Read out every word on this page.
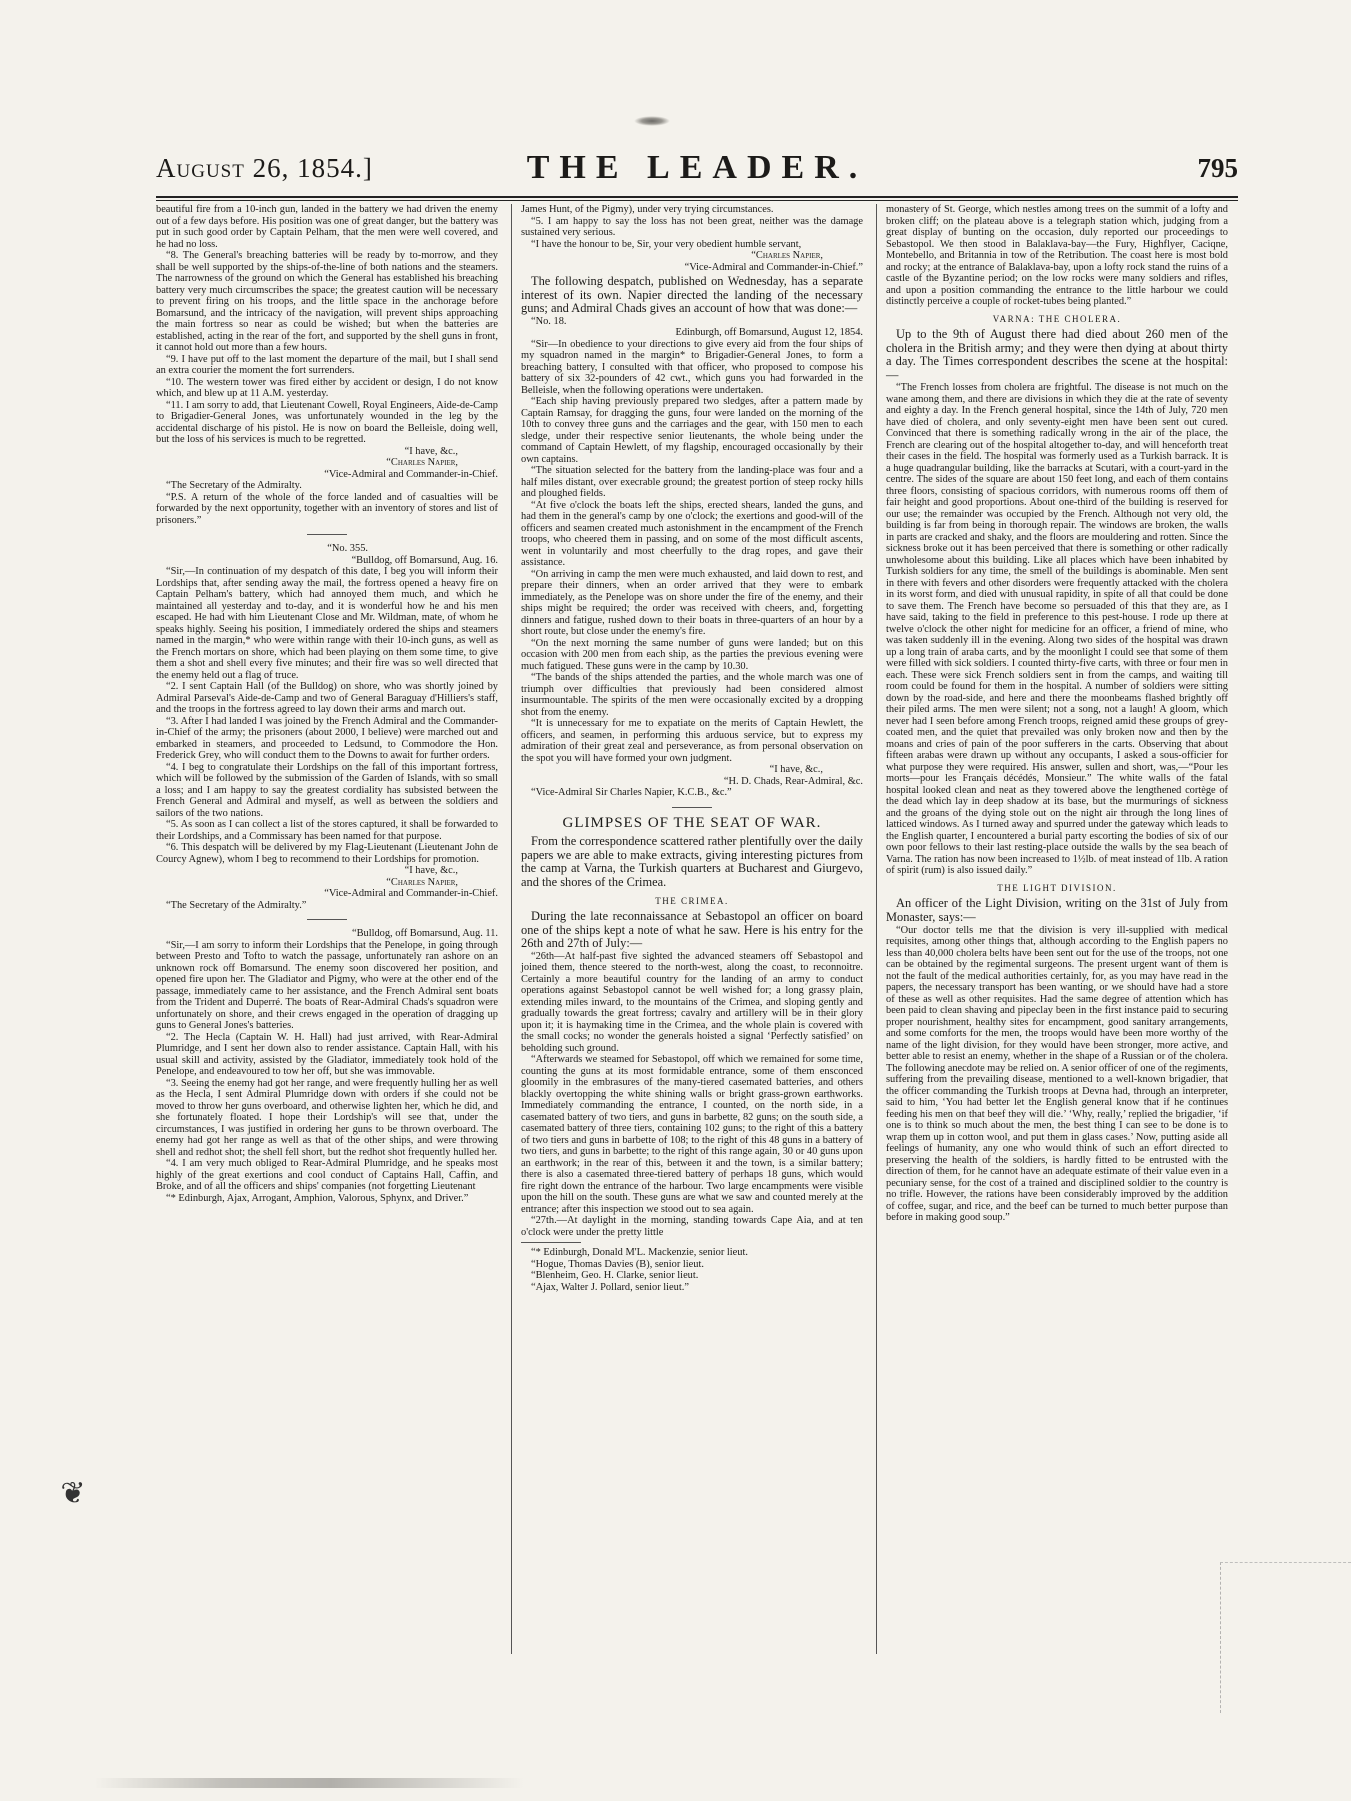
August 26, 1854.]	THE LEADER.	795

beautiful fire from a 10-inch gun, landed in the battery we had driven the enemy out of a few days before. His position was one of great danger, but the battery was put in such good order by Captain Pelham, that the men were well covered, and he had no loss.

“8. The General's breaching batteries will be ready by to-morrow, and they shall be well supported by the ships-of-the-line of both nations and the steamers. The narrowness of the ground on which the General has established his breaching battery very much circumscribes the space; the greatest caution will be necessary to prevent firing on his troops, and the little space in the anchorage before Bomarsund, and the intricacy of the navigation, will prevent ships approaching the main fortress so near as could be wished; but when the batteries are established, acting in the rear of the fort, and supported by the shell guns in front, it cannot hold out more than a few hours.

“9. I have put off to the last moment the departure of the mail, but I shall send an extra courier the moment the fort surrenders.

“10. The western tower was fired either by accident or design, I do not know which, and blew up at 11 A.M. yesterday.

“11. I am sorry to add, that Lieutenant Cowell, Royal Engineers, Aide-de-Camp to Brigadier-General Jones, was unfortunately wounded in the leg by the accidental discharge of his pistol. He is now on board the Belleisle, doing well, but the loss of his services is much to be regretted.

“I have, &c.,

“Charles Napier,

“Vice-Admiral and Commander-in-Chief.

“The Secretary of the Admiralty.

“P.S. A return of the whole of the force landed and of casualties will be forwarded by the next opportunity, together with an inventory of stores and list of prisoners.”

“No. 355.

“Bulldog, off Bomarsund, Aug. 16.

“Sir,—In continuation of my despatch of this date, I beg you will inform their Lordships that, after sending away the mail, the fortress opened a heavy fire on Captain Pelham's battery, which had annoyed them much, and which he maintained all yesterday and to-day, and it is wonderful how he and his men escaped. He had with him Lieutenant Close and Mr. Wildman, mate, of whom he speaks highly. Seeing his position, I immediately ordered the ships and steamers named in the margin,* who were within range with their 10-inch guns, as well as the French mortars on shore, which had been playing on them some time, to give them a shot and shell every five minutes; and their fire was so well directed that the enemy held out a flag of truce.

“2. I sent Captain Hall (of the Bulldog) on shore, who was shortly joined by Admiral Parseval's Aide-de-Camp and two of General Baraguay d'Hilliers's staff, and the troops in the fortress agreed to lay down their arms and march out.

“3. After I had landed I was joined by the French Admiral and the Commander-in-Chief of the army; the prisoners (about 2000, I believe) were marched out and embarked in steamers, and proceeded to Ledsund, to Commodore the Hon. Frederick Grey, who will conduct them to the Downs to await for further orders.

“4. I beg to congratulate their Lordships on the fall of this important fortress, which will be followed by the submission of the Garden of Islands, with so small a loss; and I am happy to say the greatest cordiality has subsisted between the French General and Admiral and myself, as well as between the soldiers and sailors of the two nations.

“5. As soon as I can collect a list of the stores captured, it shall be forwarded to their Lordships, and a Commissary has been named for that purpose.

“6. This despatch will be delivered by my Flag-Lieutenant (Lieutenant John de Courcy Agnew), whom I beg to recommend to their Lordships for promotion.

“I have, &c.,

“Charles Napier,

“Vice-Admiral and Commander-in-Chief.

“The Secretary of the Admiralty.”

“Bulldog, off Bomarsund, Aug. 11.

“Sir,—I am sorry to inform their Lordships that the Penelope, in going through between Presto and Tofto to watch the passage, unfortunately ran ashore on an unknown rock off Bomarsund. The enemy soon discovered her position, and opened fire upon her. The Gladiator and Pigmy, who were at the other end of the passage, immediately came to her assistance, and the French Admiral sent boats from the Trident and Duperré. The boats of Rear-Admiral Chads's squadron were unfortunately on shore, and their crews engaged in the operation of dragging up guns to General Jones's batteries.

“2. The Hecla (Captain W. H. Hall) had just arrived, with Rear-Admiral Plumridge, and I sent her down also to render assistance. Captain Hall, with his usual skill and activity, assisted by the Gladiator, immediately took hold of the Penelope, and endeavoured to tow her off, but she was immovable.

“3. Seeing the enemy had got her range, and were frequently hulling her as well as the Hecla, I sent Admiral Plumridge down with orders if she could not be moved to throw her guns overboard, and otherwise lighten her, which he did, and she fortunately floated. I hope their Lordship's will see that, under the circumstances, I was justified in ordering her guns to be thrown overboard. The enemy had got her range as well as that of the other ships, and were throwing shell and redhot shot; the shell fell short, but the redhot shot frequently hulled her.

“4. I am very much obliged to Rear-Admiral Plumridge, and he speaks most highly of the great exertions and cool conduct of Captains Hall, Caffin, and Broke, and of all the officers and ships' companies (not forgetting Lieutenant

“* Edinburgh, Ajax, Arrogant, Amphion, Valorous, Sphynx, and Driver.”

James Hunt, of the Pigmy), under very trying circumstances.

“5. I am happy to say the loss has not been great, neither was the damage sustained very serious.

“I have the honour to be, Sir, your very obedient humble servant,

“Charles Napier,

“Vice-Admiral and Commander-in-Chief.”

The following despatch, published on Wednesday, has a separate interest of its own. Napier directed the landing of the necessary guns; and Admiral Chads gives an account of how that was done:—

“No. 18.

Edinburgh, off Bomarsund, August 12, 1854.

“Sir—In obedience to your directions to give every aid from the four ships of my squadron named in the margin* to Brigadier-General Jones, to form a breaching battery, I consulted with that officer, who proposed to compose his battery of six 32-pounders of 42 cwt., which guns you had forwarded in the Belleisle, when the following operations were undertaken.

“Each ship having previously prepared two sledges, after a pattern made by Captain Ramsay, for dragging the guns, four were landed on the morning of the 10th to convey three guns and the carriages and the gear, with 150 men to each sledge, under their respective senior lieutenants, the whole being under the command of Captain Hewlett, of my flagship, encouraged occasionally by their own captains.

“The situation selected for the battery from the landing-place was four and a half miles distant, over execrable ground; the greatest portion of steep rocky hills and ploughed fields.

“At five o'clock the boats left the ships, erected shears, landed the guns, and had them in the general's camp by one o'clock; the exertions and good-will of the officers and seamen created much astonishment in the encampment of the French troops, who cheered them in passing, and on some of the most difficult ascents, went in voluntarily and most cheerfully to the drag ropes, and gave their assistance.

“On arriving in camp the men were much exhausted, and laid down to rest, and prepare their dinners, when an order arrived that they were to embark immediately, as the Penelope was on shore under the fire of the enemy, and their ships might be required; the order was received with cheers, and, forgetting dinners and fatigue, rushed down to their boats in three-quarters of an hour by a short route, but close under the enemy's fire.

“On the next morning the same number of guns were landed; but on this occasion with 200 men from each ship, as the parties the previous evening were much fatigued. These guns were in the camp by 10.30.

“The bands of the ships attended the parties, and the whole march was one of triumph over difficulties that previously had been considered almost insurmountable. The spirits of the men were occasionally excited by a dropping shot from the enemy.

“It is unnecessary for me to expatiate on the merits of Captain Hewlett, the officers, and seamen, in performing this arduous service, but to express my admiration of their great zeal and perseverance, as from personal observation on the spot you will have formed your own judgment.

“I have, &c.,

“H. D. Chads, Rear-Admiral, &c.

“Vice-Admiral Sir Charles Napier, K.C.B., &c.”

GLIMPSES OF THE SEAT OF WAR.

From the correspondence scattered rather plentifully over the daily papers we are able to make extracts, giving interesting pictures from the camp at Varna, the Turkish quarters at Bucharest and Giurgevo, and the shores of the Crimea.

THE CRIMEA.

During the late reconnaissance at Sebastopol an officer on board one of the ships kept a note of what he saw. Here is his entry for the 26th and 27th of July:—

“26th—At half-past five sighted the advanced steamers off Sebastopol and joined them, thence steered to the north-west, along the coast, to reconnoitre. Certainly a more beautiful country for the landing of an army to conduct operations against Sebastopol cannot be well wished for; a long grassy plain, extending miles inward, to the mountains of the Crimea, and sloping gently and gradually towards the great fortress; cavalry and artillery will be in their glory upon it; it is haymaking time in the Crimea, and the whole plain is covered with the small cocks; no wonder the generals hoisted a signal ‘Perfectly satisfied’ on beholding such ground.

“Afterwards we steamed for Sebastopol, off which we remained for some time, counting the guns at its most formidable entrance, some of them ensconced gloomily in the embrasures of the many-tiered casemated batteries, and others blackly overtopping the white shining walls or bright grass-grown earthworks. Immediately commanding the entrance, I counted, on the north side, in a casemated battery of two tiers, and guns in barbette, 82 guns; on the south side, a casemated battery of three tiers, containing 102 guns; to the right of this a battery of two tiers and guns in barbette of 108; to the right of this 48 guns in a battery of two tiers, and guns in barbette; to the right of this range again, 30 or 40 guns upon an earthwork; in the rear of this, between it and the town, is a similar battery; there is also a casemated three-tiered battery of perhaps 18 guns, which would fire right down the entrance of the harbour. Two large encampments were visible upon the hill on the south. These guns are what we saw and counted merely at the entrance; after this inspection we stood out to sea again.

“27th.—At daylight in the morning, standing towards Cape Aia, and at ten o'clock were under the pretty little

“* Edinburgh, Donald M'L. Mackenzie, senior lieut.

“Hogue, Thomas Davies (B), senior lieut.

“Blenheim, Geo. H. Clarke, senior lieut.

“Ajax, Walter J. Pollard, senior lieut.”

monastery of St. George, which nestles among trees on the summit of a lofty and broken cliff; on the plateau above is a telegraph station which, judging from a great display of bunting on the occasion, duly reported our proceedings to Sebastopol. We then stood in Balaklava-bay—the Fury, Highflyer, Caciqne, Montebello, and Britannia in tow of the Retribution. The coast here is most bold and rocky; at the entrance of Balaklava-bay, upon a lofty rock stand the ruins of a castle of the Byzantine period; on the low rocks were many soldiers and rifles, and upon a position commanding the entrance to the little harbour we could distinctly perceive a couple of rocket-tubes being planted.”

VARNA: THE CHOLERA.

Up to the 9th of August there had died about 260 men of the cholera in the British army; and they were then dying at about thirty a day. The Times correspondent describes the scene at the hospital:—

“The French losses from cholera are frightful. The disease is not much on the wane among them, and there are divisions in which they die at the rate of seventy and eighty a day. In the French general hospital, since the 14th of July, 720 men have died of cholera, and only seventy-eight men have been sent out cured. Convinced that there is something radically wrong in the air of the place, the French are clearing out of the hospital altogether to-day, and will henceforth treat their cases in the field. The hospital was formerly used as a Turkish barrack. It is a huge quadrangular building, like the barracks at Scutari, with a court-yard in the centre. The sides of the square are about 150 feet long, and each of them contains three floors, consisting of spacious corridors, with numerous rooms off them of fair height and good proportions. About one-third of the building is reserved for our use; the remainder was occupied by the French. Although not very old, the building is far from being in thorough repair. The windows are broken, the walls in parts are cracked and shaky, and the floors are mouldering and rotten. Since the sickness broke out it has been perceived that there is something or other radically unwholesome about this building. Like all places which have been inhabited by Turkish soldiers for any time, the smell of the buildings is abominable. Men sent in there with fevers and other disorders were frequently attacked with the cholera in its worst form, and died with unusual rapidity, in spite of all that could be done to save them. The French have become so persuaded of this that they are, as I have said, taking to the field in preference to this pest-house. I rode up there at twelve o'clock the other night for medicine for an officer, a friend of mine, who was taken suddenly ill in the evening. Along two sides of the hospital was drawn up a long train of araba carts, and by the moonlight I could see that some of them were filled with sick soldiers. I counted thirty-five carts, with three or four men in each. These were sick French soldiers sent in from the camps, and waiting till room could be found for them in the hospital. A number of soldiers were sitting down by the road-side, and here and there the moonbeams flashed brightly off their piled arms. The men were silent; not a song, not a laugh! A gloom, which never had I seen before among French troops, reigned amid these groups of grey-coated men, and the quiet that prevailed was only broken now and then by the moans and cries of pain of the poor sufferers in the carts. Observing that about fifteen arabas were drawn up without any occupants, I asked a sous-officier for what purpose they were required. His answer, sullen and short, was,—“Pour les morts—pour les Français décédés, Monsieur.” The white walls of the fatal hospital looked clean and neat as they towered above the lengthened cortège of the dead which lay in deep shadow at its base, but the murmurings of sickness and the groans of the dying stole out on the night air through the long lines of latticed windows. As I turned away and spurred under the gateway which leads to the English quarter, I encountered a burial party escorting the bodies of six of our own poor fellows to their last resting-place outside the walls by the sea beach of Varna. The ration has now been increased to 1½lb. of meat instead of 1lb. A ration of spirit (rum) is also issued daily.”

THE LIGHT DIVISION.

An officer of the Light Division, writing on the 31st of July from Monaster, says:—

“Our doctor tells me that the division is very ill-supplied with medical requisites, among other things that, although according to the English papers no less than 40,000 cholera belts have been sent out for the use of the troops, not one can be obtained by the regimental surgeons. The present urgent want of them is not the fault of the medical authorities certainly, for, as you may have read in the papers, the necessary transport has been wanting, or we should have had a store of these as well as other requisites. Had the same degree of attention which has been paid to clean shaving and pipeclay been in the first instance paid to securing proper nourishment, healthy sites for encampment, good sanitary arrangements, and some comforts for the men, the troops would have been more worthy of the name of the light division, for they would have been stronger, more active, and better able to resist an enemy, whether in the shape of a Russian or of the cholera. The following anecdote may be relied on. A senior officer of one of the regiments, suffering from the prevailing disease, mentioned to a well-known brigadier, that the officer commanding the Turkish troops at Devna had, through an interpreter, said to him, ‘You had better let the English general know that if he continues feeding his men on that beef they will die.’ ‘Why, really,’ replied the brigadier, ‘if one is to think so much about the men, the best thing I can see to be done is to wrap them up in cotton wool, and put them in glass cases.’ Now, putting aside all feelings of humanity, any one who would think of such an effort directed to preserving the health of the soldiers, is hardly fitted to be entrusted with the direction of them, for he cannot have an adequate estimate of their value even in a pecuniary sense, for the cost of a trained and disciplined soldier to the country is no trifle. However, the rations have been considerably improved by the addition of coffee, sugar, and rice, and the beef can be turned to much better purpose than before in making good soup.”

❦
